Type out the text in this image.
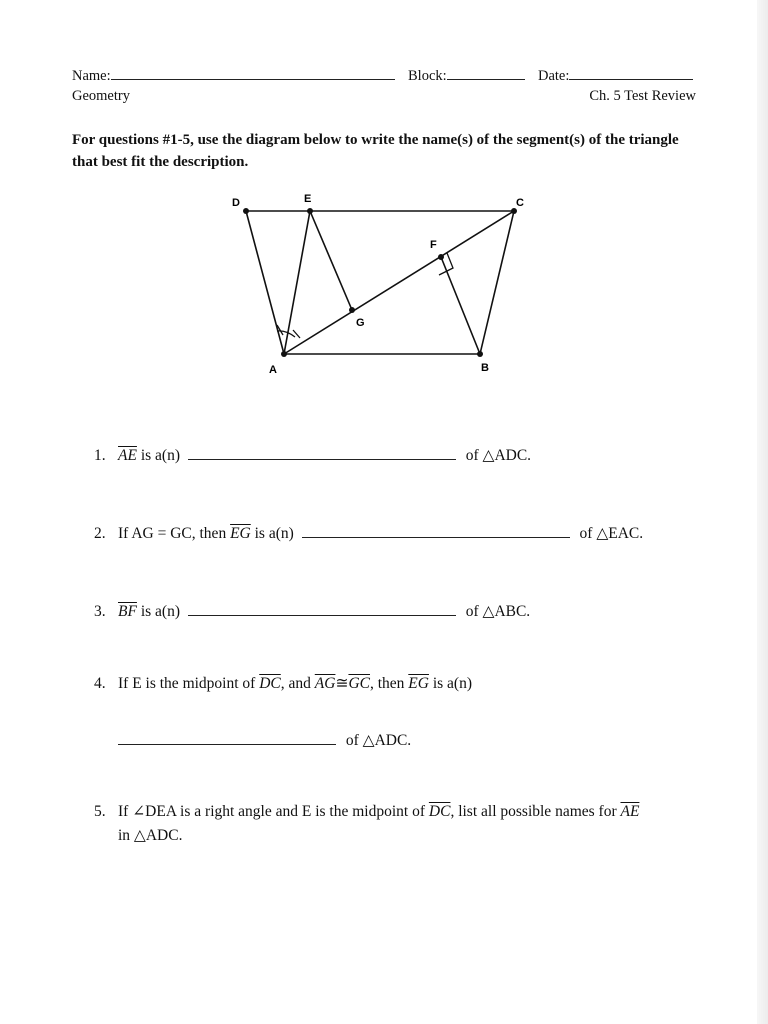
Name:	Block:	Date:
Geometry	Ch. 5 Test Review
For questions #1-5, use the diagram below to write the name(s) of the segment(s) of the triangle that best fit the description.
D	E	C
F
G
A	B
1. $\overline{AE}$ is a(n)	of △ADC.
2. If AG = GC, then $\overline{EG}$ is a(n)	of △EAC.
3. $\overline{BF}$ is a(n)	of △ABC.
4. If E is the midpoint of $\overline{DC}$, and $\overline{AG}≅\overline{GC}$, then $\overline{EG}$ is a(n)
of △ADC.
5. If ∠DEA is a right angle and E is the midpoint of $\overline{DC}$, list all possible names for $\overline{AE}$
in △ADC.
